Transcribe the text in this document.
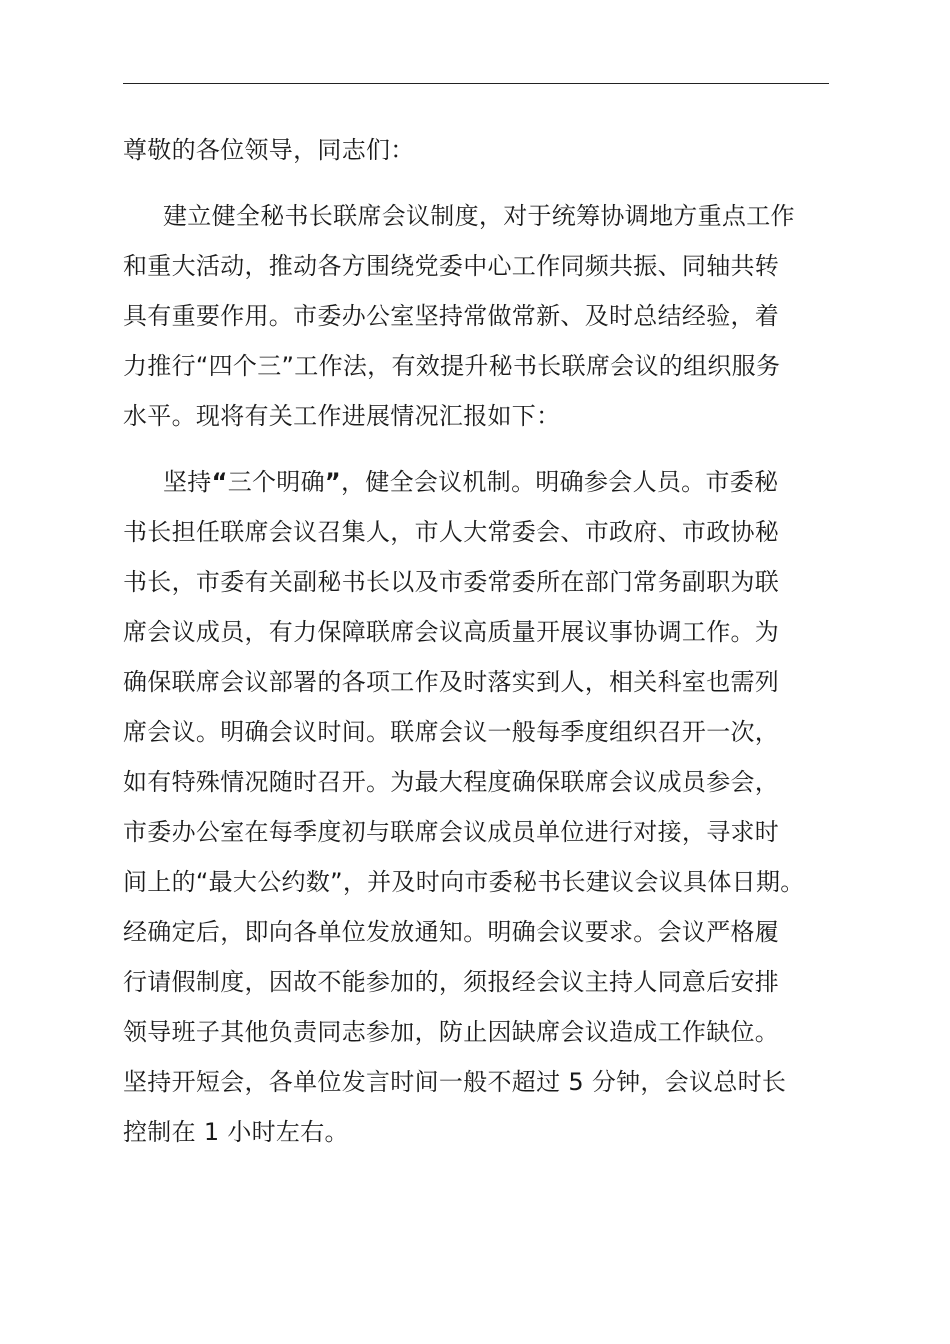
尊敬的各位领导，同志们：
建立健全秘书长联席会议制度，对于统筹协调地方重点工作
和重大活动，推动各方围绕党委中心工作同频共振、同轴共转
具有重要作用。市委办公室坚持常做常新、及时总结经验，着
力推行“四个三”工作法，有效提升秘书长联席会议的组织服务
水平。现将有关工作进展情况汇报如下：
坚持“三个明确”，健全会议机制。明确参会人员。市委秘
书长担任联席会议召集人，市人大常委会、市政府、市政协秘
书长，市委有关副秘书长以及市委常委所在部门常务副职为联
席会议成员，有力保障联席会议高质量开展议事协调工作。为
确保联席会议部署的各项工作及时落实到人，相关科室也需列
席会议。明确会议时间。联席会议一般每季度组织召开一次，
如有特殊情况随时召开。为最大程度确保联席会议成员参会，
市委办公室在每季度初与联席会议成员单位进行对接，寻求时
间上的“最大公约数”，并及时向市委秘书长建议会议具体日期。
经确定后，即向各单位发放通知。明确会议要求。会议严格履
行请假制度，因故不能参加的，须报经会议主持人同意后安排
领导班子其他负责同志参加，防止因缺席会议造成工作缺位。
坚持开短会，各单位发言时间一般不超过 5 分钟，会议总时长
控制在 1 小时左右。
